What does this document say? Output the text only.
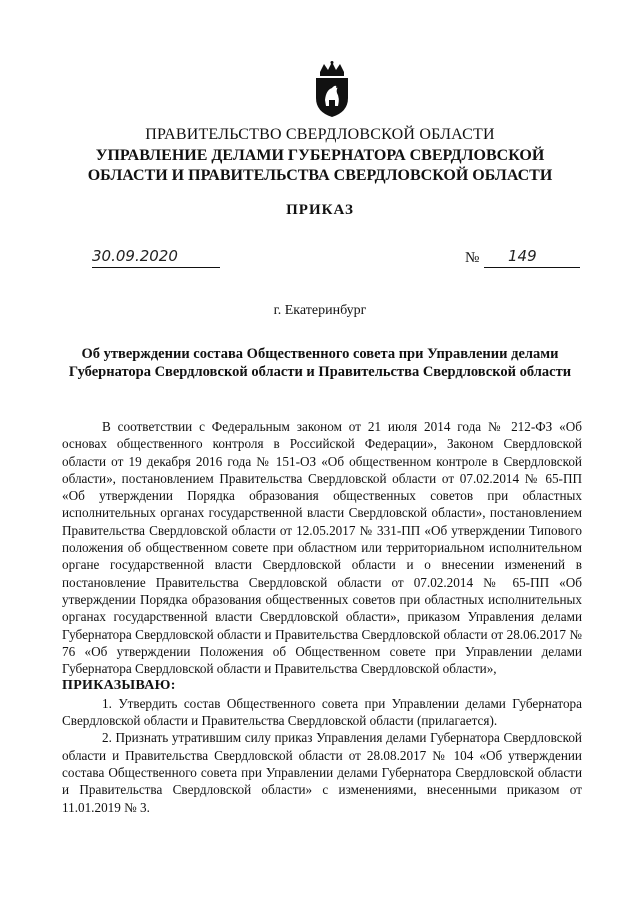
ПРАВИТЕЛЬСТВО СВЕРДЛОВСКОЙ ОБЛАСТИ
УПРАВЛЕНИЕ ДЕЛАМИ ГУБЕРНАТОРА СВЕРДЛОВСКОЙ
ОБЛАСТИ И ПРАВИТЕЛЬСТВА СВЕРДЛОВСКОЙ ОБЛАСТИ
ПРИКАЗ
30.09.2020	№ 149
г. Екатеринбург
Об утверждении состава Общественного совета при Управлении делами
Губернатора Свердловской области и Правительства Свердловской области

В соответствии с Федеральным законом от 21 июля 2014 года № 212-ФЗ «Об основах общественного контроля в Российской Федерации», Законом Свердловской области от 19 декабря 2016 года № 151-ОЗ «Об общественном контроле в Свердловской области», постановлением Правительства Свердловской области от 07.02.2014 № 65-ПП «Об утверждении Порядка образования общественных советов при областных исполнительных органах государственной власти Свердловской области», постановлением Правительства Свердловской области от 12.05.2017 № 331-ПП «Об утверждении Типового положения об общественном совете при областном или территориальном исполнительном органе государственной власти Свердловской области и о внесении изменений в постановление Правительства Свердловской области от 07.02.2014 № 65-ПП «Об утверждении Порядка образования общественных советов при областных исполнительных органах государственной власти Свердловской области», приказом Управления делами Губернатора Свердловской области и Правительства Свердловской области от 28.06.2017 № 76 «Об утверждении Положения об Общественном совете при Управлении делами Губернатора Свердловской области и Правительства Свердловской области»,

ПРИКАЗЫВАЮ:

1. Утвердить состав Общественного совета при Управлении делами Губернатора Свердловской области и Правительства Свердловской области (прилагается).

2. Признать утратившим силу приказ Управления делами Губернатора Свердловской области и Правительства Свердловской области от 28.08.2017 № 104 «Об утверждении состава Общественного совета при Управлении делами Губернатора Свердловской области и Правительства Свердловской области» с изменениями, внесенными приказом от 11.01.2019 № 3.
